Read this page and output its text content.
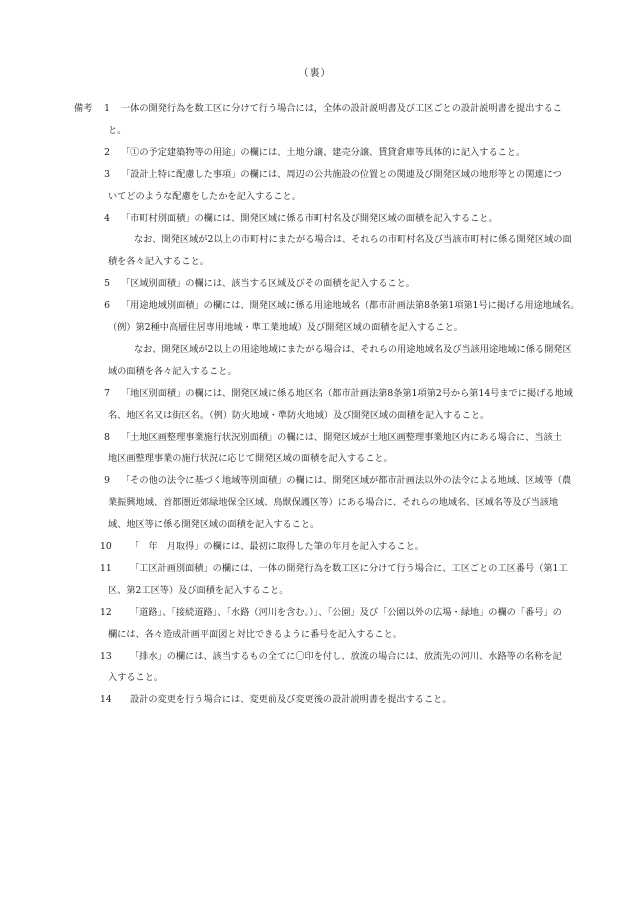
（裏）
備考	1	一体の開発行為を数工区に分けて行う場合には，全体の設計説明書及び工区ごとの設計説明書を提出するこ
と。
2	「①の予定建築物等の用途」の欄には、土地分譲、建売分譲、賃貸倉庫等具体的に記入すること。
3	「設計上特に配慮した事項」の欄には、周辺の公共施設の位置との関連及び開発区域の地形等との関連につ
いてどのような配慮をしたかを記入すること。
4	「市町村別面積」の欄には、開発区域に係る市町村名及び開発区域の面積を記入すること。
なお、開発区域が2以上の市町村にまたがる場合は、それらの市町村名及び当該市町村に係る開発区域の面
積を各々記入すること。
5	「区域別面積」の欄には、該当する区域及びその面積を記入すること。
6	「用途地域別面積」の欄には、開発区域に係る用途地域名（都市計画法第8条第1項第1号に掲げる用途地域名。
（例）第2種中高層住居専用地域・準工業地域）及び開発区域の面積を記入すること。
なお、開発区域が2以上の用途地域にまたがる場合は、それらの用途地域名及び当該用途地域に係る開発区
域の面積を各々記入すること。
7	「地区別面積」の欄には、開発区域に係る地区名（都市計画法第8条第1項第2号から第14号までに掲げる地域
名、地区名又は街区名。（例）防火地域・準防火地域）及び開発区域の面積を記入すること。
8	「土地区画整理事業施行状況別面積」の欄には、開発区域が土地区画整理事業地区内にある場合に、当該土
地区画整理事業の施行状況に応じて開発区域の面積を記入すること。
9	「その他の法令に基づく地域等別面積」の欄には、開発区域が都市計画法以外の法令による地域、区域等（農
業振興地域、首都圏近郊緑地保全区域、鳥獣保護区等）にある場合に、それらの地域名、区域名等及び当該地
域、地区等に係る開発区域の面積を記入すること。
10	「　年　月取得」の欄には、最初に取得した筆の年月を記入すること。
11	「工区計画別面積」の欄には、一体の開発行為を数工区に分けて行う場合に、工区ごとの工区番号（第1工
区、第2工区等）及び面積を記入すること。
12	「道路」、「接続道路」、「水路（河川を含む。）」、「公園」及び「公園以外の広場・緑地」の欄の「番号」の
欄には、各々造成計画平面図と対比できるように番号を記入すること。
13	「排水」の欄には、該当するもの全てに〇印を付し、放流の場合には、放流先の河川、水路等の名称を記
入すること。
14	設計の変更を行う場合には、変更前及び変更後の設計説明書を提出すること。
